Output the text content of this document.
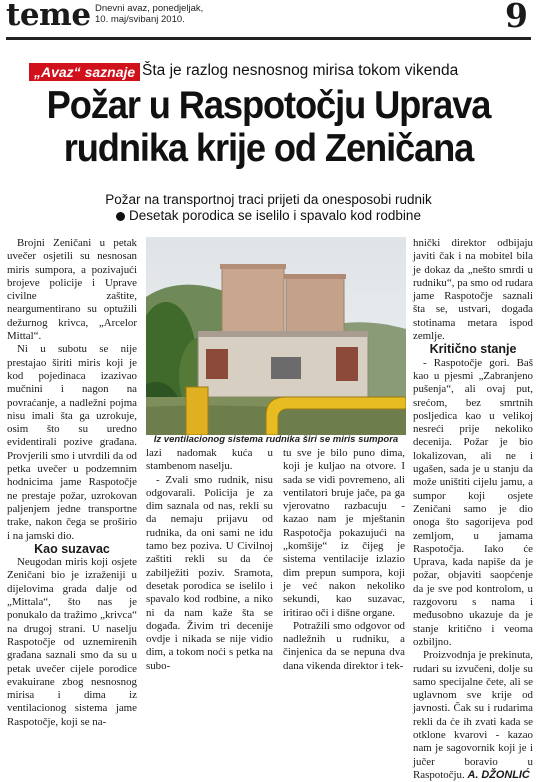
teme Dnevni avaz, ponedjeljak,
10. maj/svibanj 2010.	9
„Avaz“ saznaje Šta je razlog nesnosnog mirisa tokom vikenda
Požar u Raspotočju Uprava
rudnika krije od Zeničana
Požar na transportnoj traci prijeti da onesposobi rudnik
Desetak porodica se iselilo i spavalo kod rodbine

Brojni Zeničani u petak uvečer osjetili su nesnosan miris sumpora, a pozivajući brojeve policije i Uprave civilne zaštite, neargumentirano su optužili dežurnog krivca, „Arcelor Mittal“.

Ni u subotu se nije prestajao širiti miris koji je kod pojedinaca izazivao mučnini i nagon na povraćanje, a nadležni pojma nisu imali šta ga uzrokuje, osim što su uredno evidentirali pozive građana. Provjerili smo i utvrdili da od petka uvečer u podzemnim hodnicima jame Raspotočje ne prestaje požar, uzrokovan paljenjem jedne transportne trake, nakon čega se proširio i na jamski dio.

Kao suzavac

Neugodan miris koji osjete Zeničani bio je izraženiji u dijelovima grada daljе od „Mittala“, što nas je ponukalo da tražimo „krivca“ na drugoj strani. U naselju Raspotočje od uznemirenih građana saznali smo da su u petak uvečer cijele porodice evakuirane zbog nesnosnog mirisa i dima iz ventilacionog sistema jame Raspotočje, koji se na-

Iz ventilacionog sistema rudnika širi se miris sumpora

lazi nadomak kuća u stambenom naselju.

- Zvali smo rudnik, nisu odgovarali. Policija je za dim saznala od nas, rekli su da nemaju prijavu od rudnika, da oni sami ne idu tamo bez poziva. U Civilnoj zaštiti rekli su da će zabilježiti poziv. Sramota, desetak porodica se iselilo i spavalo kod rodbine, a niko ni da nam kaže šta se događa. Živim tri decenije ovdje i nikada se nije vidio dim, a tokom noći s petka na subo-

tu sve je bilo puno dima, koji je kuljao na otvore. I sada se vidi povremeno, ali ventilatori bruje jače, pa ga vjerovatno razbacuju - kazao nam je mještanin Raspotočja pokazujući na „komšije“ iz čijeg je sistema ventilacije izlazio dim prepun sumpora, koji je već nakon nekoliko sekundi, kao suzavac, iritirao oči i dišne organe.

Potražili smo odgovor od nadležnih u rudniku, a činjenica da se nepuna dva dana vikenda direktor i tek-

hnički direktor odbijaju javiti čak i na mobitel bila je dokaz da „nešto smrdi u rudniku“, pa smo od rudara jame Raspotočje saznali šta se, ustvari, događa stotinama metara ispod zemlje.

Kritično stanje

- Raspotočje gori. Baš kao u pjesmi „Zabranjeno pušenja“, ali ovaj put, srećom, bez smrtnih posljedica kao u velikoj nesreći prije nekoliko decenija. Požar je bio lokalizovan, ali ne i ugašen, sada je u stanju da može uništiti cijelu jamu, a sumpor koji osjete Zeničani samo je dio onoga što sagorijeva pod zemljom, u jamama Raspotočja. Iako će Uprava, kada napiše da je požar, objaviti saopćenje da je sve pod kontrolom, u razgovoru s nama i međusobno ukazuje da je stanje kritično i veoma ozbiljno.

Proizvodnja je prekinuta, rudari su izvučeni, dolje su samo specijalne čete, ali se uglavnom sve krije od javnosti. Čak su i rudarima rekli da će ih zvati kada se otklone kvarovi - kazao nam je sagovornik koji je i jučer boravio u Raspotočju. A. DŽONLIĆ
